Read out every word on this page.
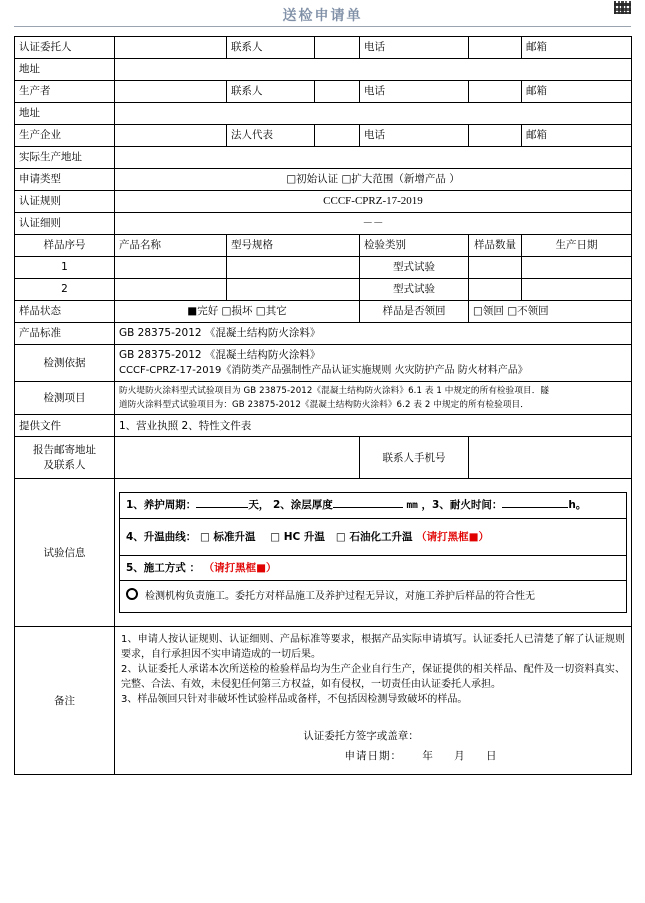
送检申请单
认证委托人		联系人		电话		邮箱
地址						
生产者		联系人		电话		邮箱
地址						
生产企业		法人代表		电话		邮箱
实际生产地址						
申请类型	□初始认证 □扩大范围（新增产品 ）					
认证规则	CCCF-CPRZ-17-2019					
认证细则	－－					
样品序号	产品名称	型号规格		检验类别	样品数量	生产日期
1				型式试验		
2				型式试验		
样品状态	■完好 □损坏 □其它			样品是否领回	□领回 □不领回	
产品标准	GB 28375-2012 《混凝土结构防火涂料》					
检测依据	GB 28375-2012 《混凝土结构防火涂料》
CCCF-CPRZ-17-2019《消防类产品强制性产品认证实施规则 火灾防护产品 防火材料产品》					

检测项目	防火堤防火涂料型式试验项目为 GB 23875-2012《混凝土结构防火涂料》6.1 表 1 中规定的所有检验项目．隧
道防火涂料型式试验项目为：GB 23875-2012《混凝土结构防火涂料》6.2 表 2 中规定的所有检验项目．					

提供文件	1、营业执照 2、特性文件表					

报告邮寄地址
及联系人				联系人手机号		
试验信息	1、养护周期： 天， 2、涂层厚度 mm ，3、耐火时间： h。
4、升温曲线： □ 标准升温 □ HC 升温 □ 石油化工升温 （请打黑框■）
5、施工方式 ： （请打黑框■）
检测机构负责施工。委托方对样品施工及养护过程无异议，对施工养护后样品的符合性无					

备注	1、申请人按认证规则、认证细则、产品标准等要求，根据产品实际申请填写。认证委托人已清楚了解了认证规则要求，自行承担因不实申请造成的一切后果。

2、认证委托人承诺本次所送检的检验样品均为生产企业自行生产，保证提供的相关样品、配件及一切资料真实、完整、合法、有效，未侵犯任何第三方权益，如有侵权，一切责任由认证委托人承担。

3、样品领回只针对非破坏性试验样品或备样，不包括因检测导致破坏的样品。

认证委托方签字或盖章：
申请日期： 年 月 日					
